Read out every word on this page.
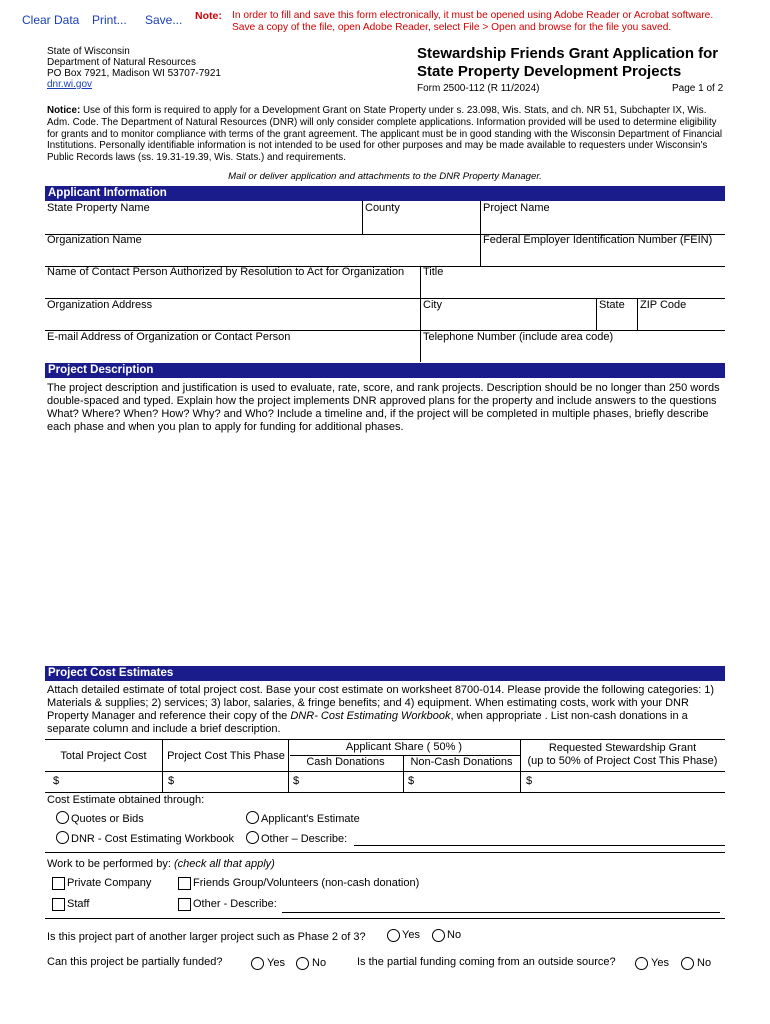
Clear Data Print... Save... Note: In order to fill and save this form electronically, it must be opened using Adobe Reader or Acrobat software.
Save a copy of the file, open Adobe Reader, select File > Open and browse for the file you saved.
State of Wisconsin
Department of Natural Resources
PO Box 7921, Madison WI 53707-7921
dnr.wi.gov
Stewardship Friends Grant Application for
State Property Development Projects
Form 2500-112 (R 11/2024)	Page 1 of 2
Notice: Use of this form is required to apply for a Development Grant on State Property under s. 23.098, Wis. Stats, and ch. NR 51, Subchapter IX, Wis. Adm. Code. The Department of Natural Resources (DNR) will only consider complete applications. Information provided will be used to determine eligibility for grants and to monitor compliance with terms of the grant agreement. The applicant must be in good standing with the Wisconsin Department of Financial Institutions. Personally identifiable information is not intended to be used for other purposes and may be made available to requesters under Wisconsin's Public Records laws (ss. 19.31-19.39, Wis. Stats.) and requirements.
Mail or deliver application and attachments to the DNR Property Manager.
Applicant Information
State Property Name	County	Project Name
Organization Name	Federal Employer Identification Number (FEIN)
Name of Contact Person Authorized by Resolution to Act for Organization Title
Organization Address	City	State ZIP Code
E-mail Address of Organization or Contact Person	Telephone Number (include area code)
Project Description
The project description and justification is used to evaluate, rate, score, and rank projects. Description should be no longer than 250 words double-spaced and typed. Explain how the project implements DNR approved plans for the property and include answers to the questions What? Where? When? How? Why? and Who? Include a timeline and, if the project will be completed in multiple phases, briefly describe each phase and when you plan to apply for funding for additional phases.
Project Cost Estimates
Attach detailed estimate of total project cost. Base your cost estimate on worksheet 8700-014. Please provide the following categories: 1) Materials & supplies; 2) services; 3) labor, salaries, & fringe benefits; and 4) equipment. When estimating costs, work with your DNR Property Manager and reference their copy of the DNR- Cost Estimating Workbook, when appropriate . List non-cash donations in a separate column and include a brief description.
Total Project Cost	Project Cost This Phase
Applicant Share ( 50% )
Cash Donations	Non-Cash Donations
Requested Stewardship Grant
(up to 50% of Project Cost This Phase)
$	$	$	$	$
Cost Estimate obtained through:
Quotes or Bids	Applicant's Estimate
DNR - Cost Estimating Workbook Other – Describe:
Work to be performed by: (check all that apply)
Private Company	Friends Group/Volunteers (non-cash donation)
Staff	Other - Describe:
Is this project part of another larger project such as Phase 2 of 3?	Yes No
Can this project be partially funded?	Yes No	Is the partial funding coming from an outside source?	Yes	No
